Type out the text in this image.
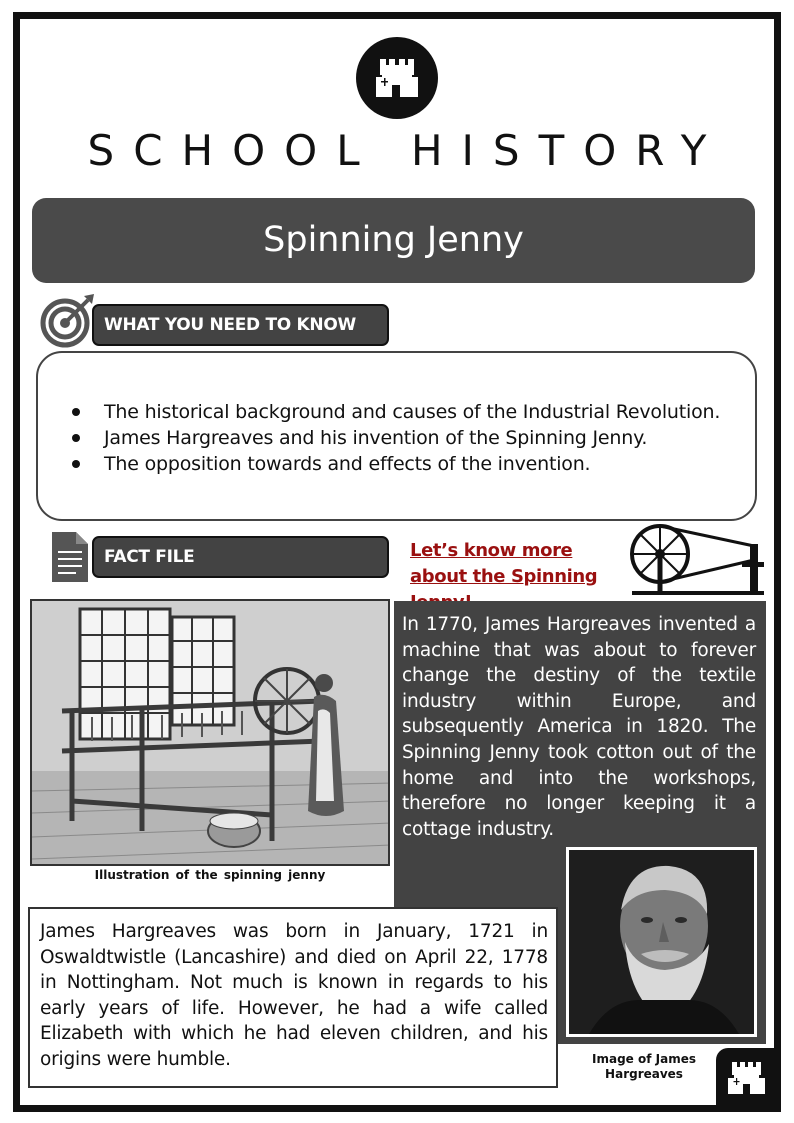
SCHOOL HISTORY
Spinning Jenny
WHAT YOU NEED TO KNOW
The historical background and causes of the Industrial Revolution.
James Hargreaves and his invention of the Spinning Jenny.
The opposition towards and effects of the invention.
FACT FILE	Let’s know more about the Spinning
Illustration of the spinning jenny
In 1770, James Hargreaves invented a machine that was about to forever change the destiny of the textile industry within Europe, and subsequently America in 1820. The Spinning Jenny took cotton out of the home and into the workshops, therefore no longer keeping it a cottage industry.
Image of James Hargreaves
James Hargreaves was born in January, 1721 in Oswaldtwistle (Lancashire) and died on April 22, 1778 in Nottingham. Not much is known in regards to his early years of life. However, he had a wife called Elizabeth with which he had eleven children, and his origins were humble.
